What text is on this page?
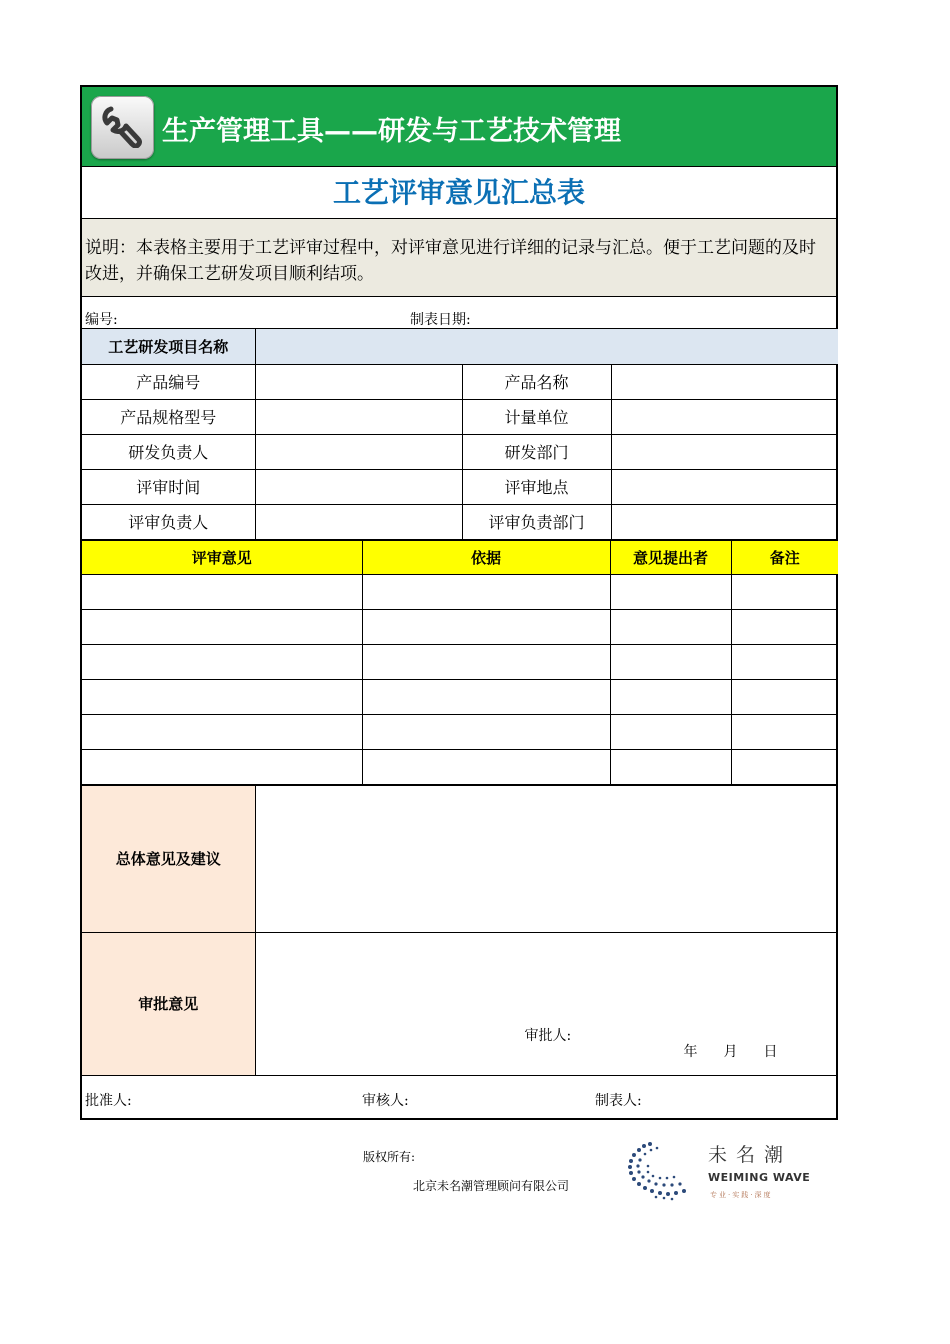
生产管理工具——研发与工艺技术管理
工艺评审意见汇总表
说明：本表格主要用于工艺评审过程中，对评审意见进行详细的记录与汇总。便于工艺问题的及时改进，并确保工艺研发项目顺利结项。
编号:	制表日期:
工艺研发项目名称			
产品编号		产品名称	
产品规格型号		计量单位	
研发负责人		研发部门	
评审时间		评审地点	
评审负责人		评审负责部门	
评审意见	依据	意见提出者	备注

总体意见及建议	
审批意见	审批人:
年 月 日
批准人:	审核人:	制表人:
版权所有:
北京未名潮管理顾问有限公司
未名潮
WEIMING WAVE
专业·实践·深度
